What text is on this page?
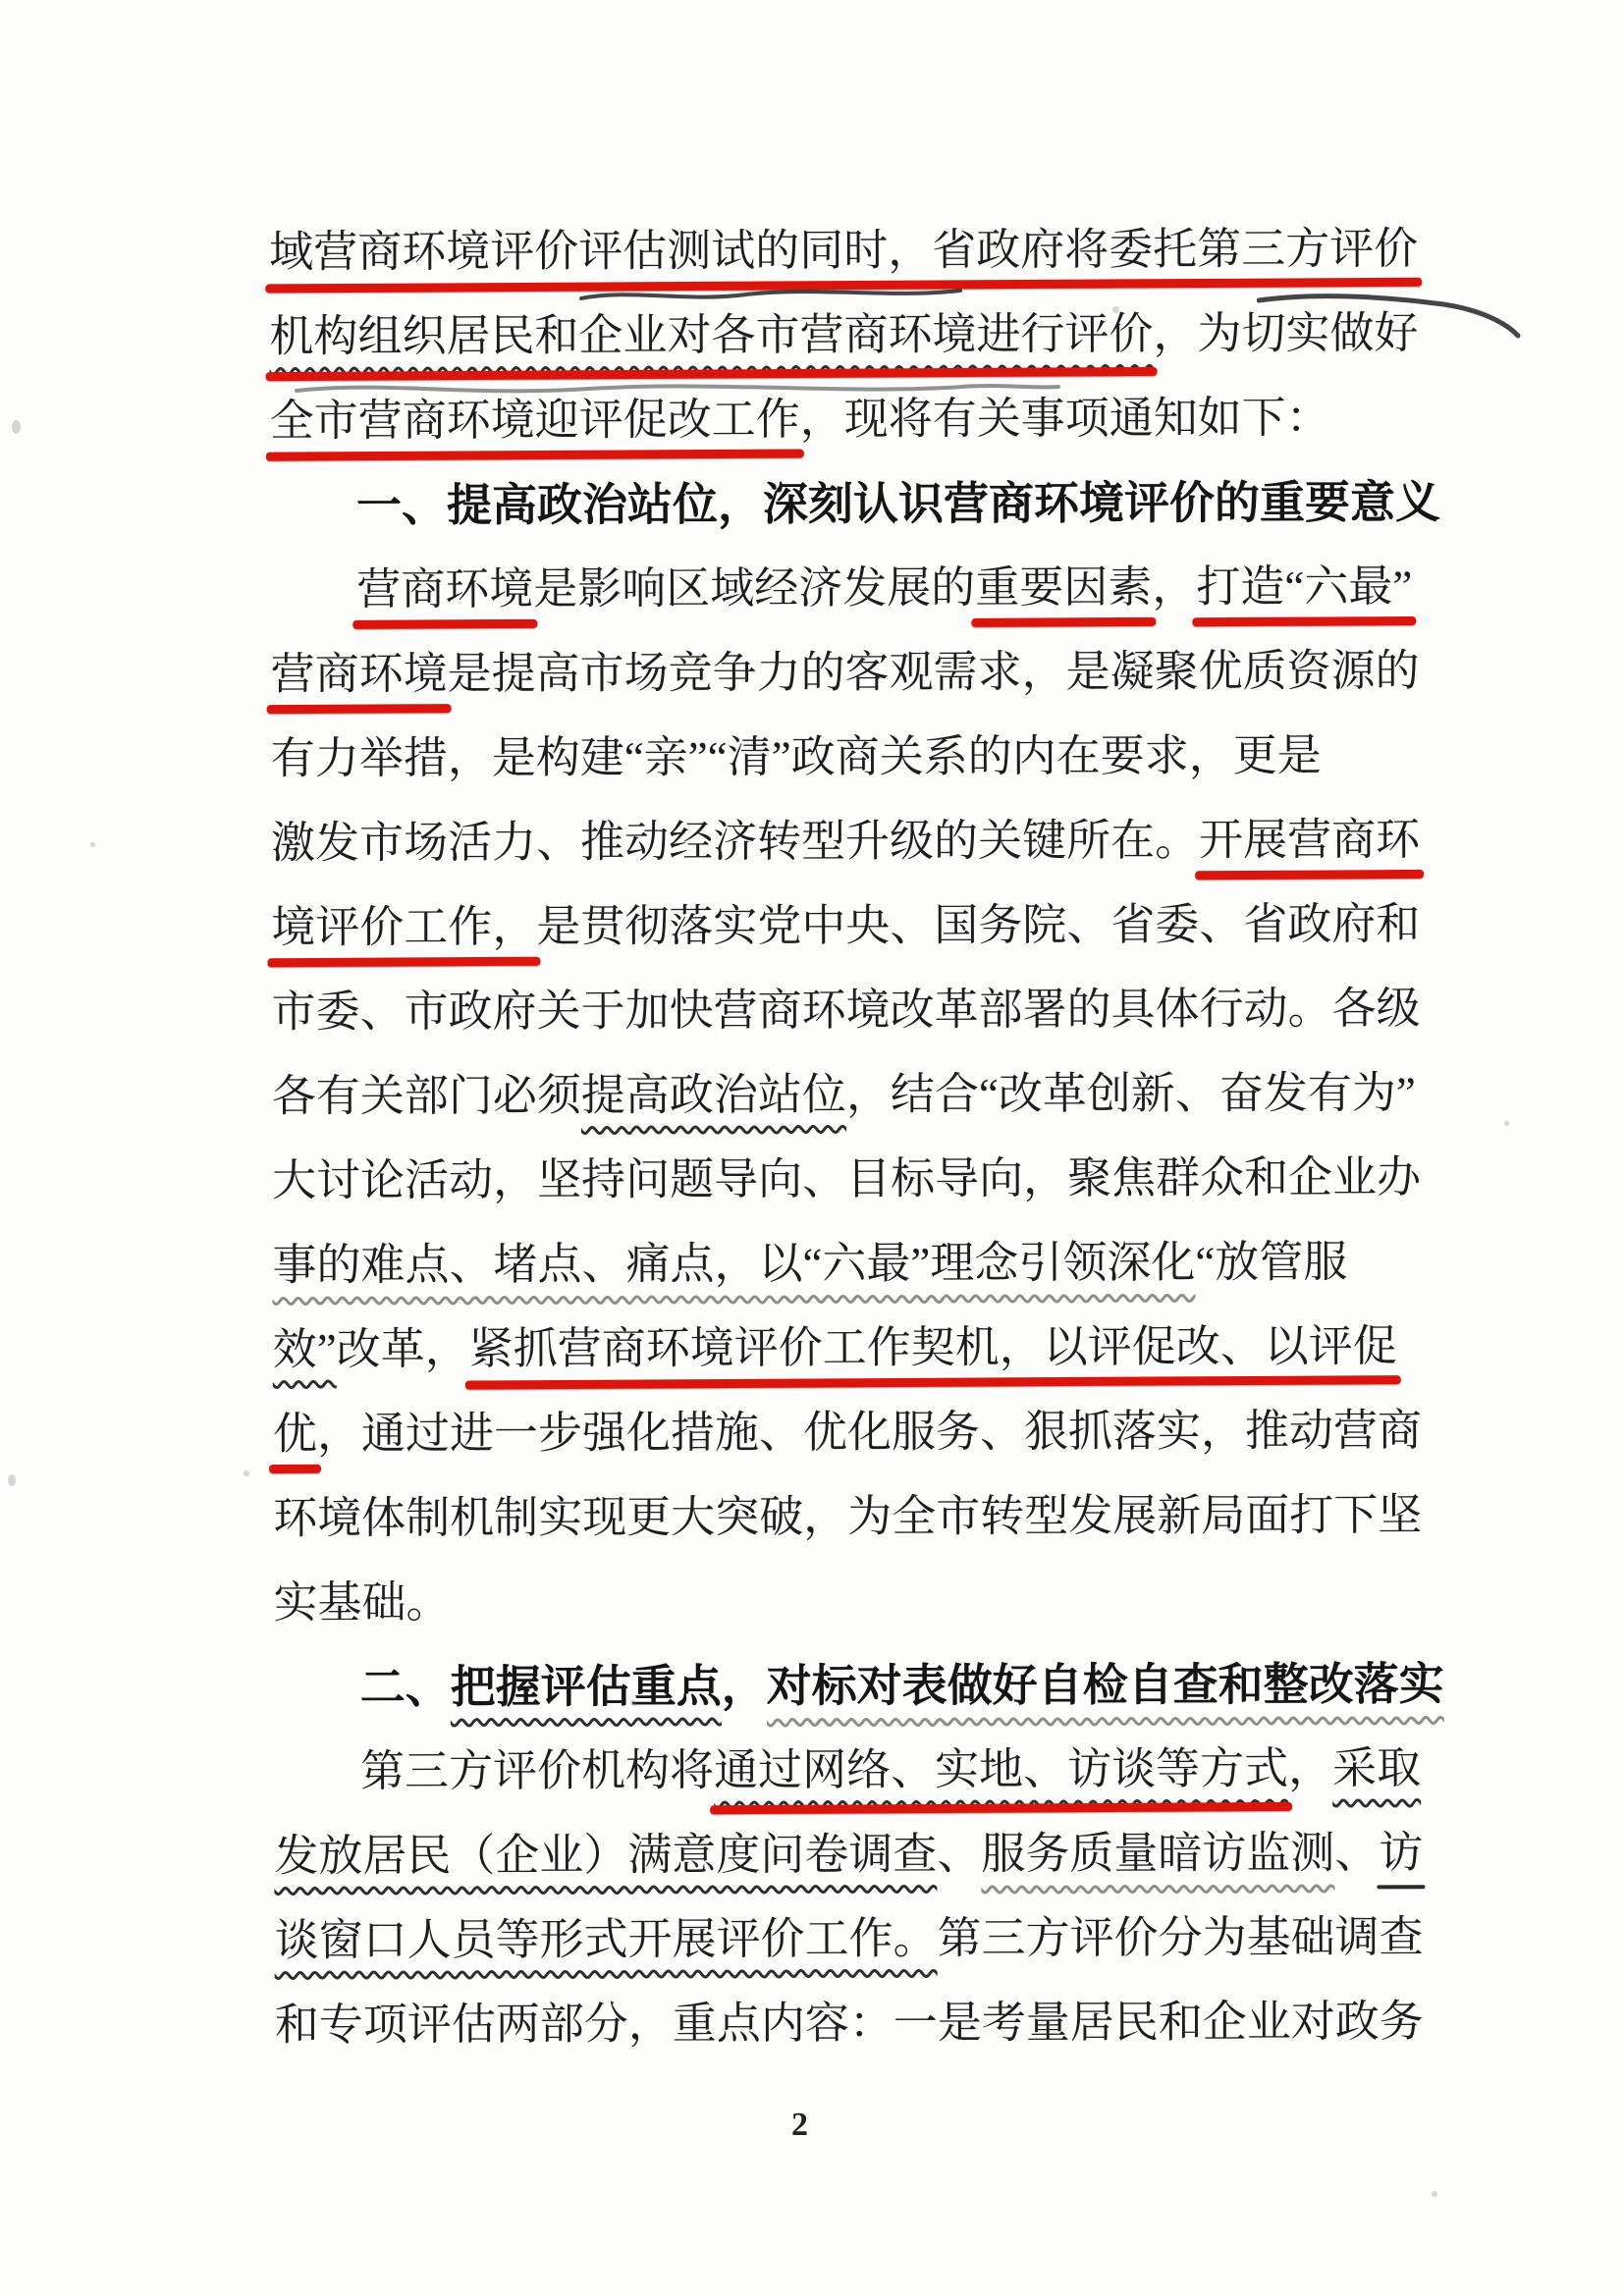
域营商环境评价评估测试的同时，省政府将委托第三方评价
机构组织居民和企业对各市营商环境进行评价，为切实做好
全市营商环境迎评促改工作，现将有关事项通知如下：
一、提高政治站位，深刻认识营商环境评价的重要意义
营商环境是影响区域经济发展的重要因素，打造“六最”
营商环境是提高市场竞争力的客观需求，是凝聚优质资源的
有力举措，是构建“亲”“清”政商关系的内在要求，更是
激发市场活力、推动经济转型升级的关键所在。开展营商环
境评价工作，是贯彻落实党中央、国务院、省委、省政府和
市委、市政府关于加快营商环境改革部署的具体行动。各级
各有关部门必须提高政治站位，结合“改革创新、奋发有为”
大讨论活动，坚持问题导向、目标导向，聚焦群众和企业办
事的难点、堵点、痛点，以“六最”理念引领深化“放管服
效”改革，紧抓营商环境评价工作契机，以评促改、以评促
优，通过进一步强化措施、优化服务、狠抓落实，推动营商
环境体制机制实现更大突破，为全市转型发展新局面打下坚
实基础。
二、把握评估重点，对标对表做好自检自查和整改落实
第三方评价机构将通过网络、实地、访谈等方式，采取
发放居民（企业）满意度问卷调查、服务质量暗访监测、访
谈窗口人员等形式开展评价工作。第三方评价分为基础调查
和专项评估两部分，重点内容：一是考量居民和企业对政务
2
